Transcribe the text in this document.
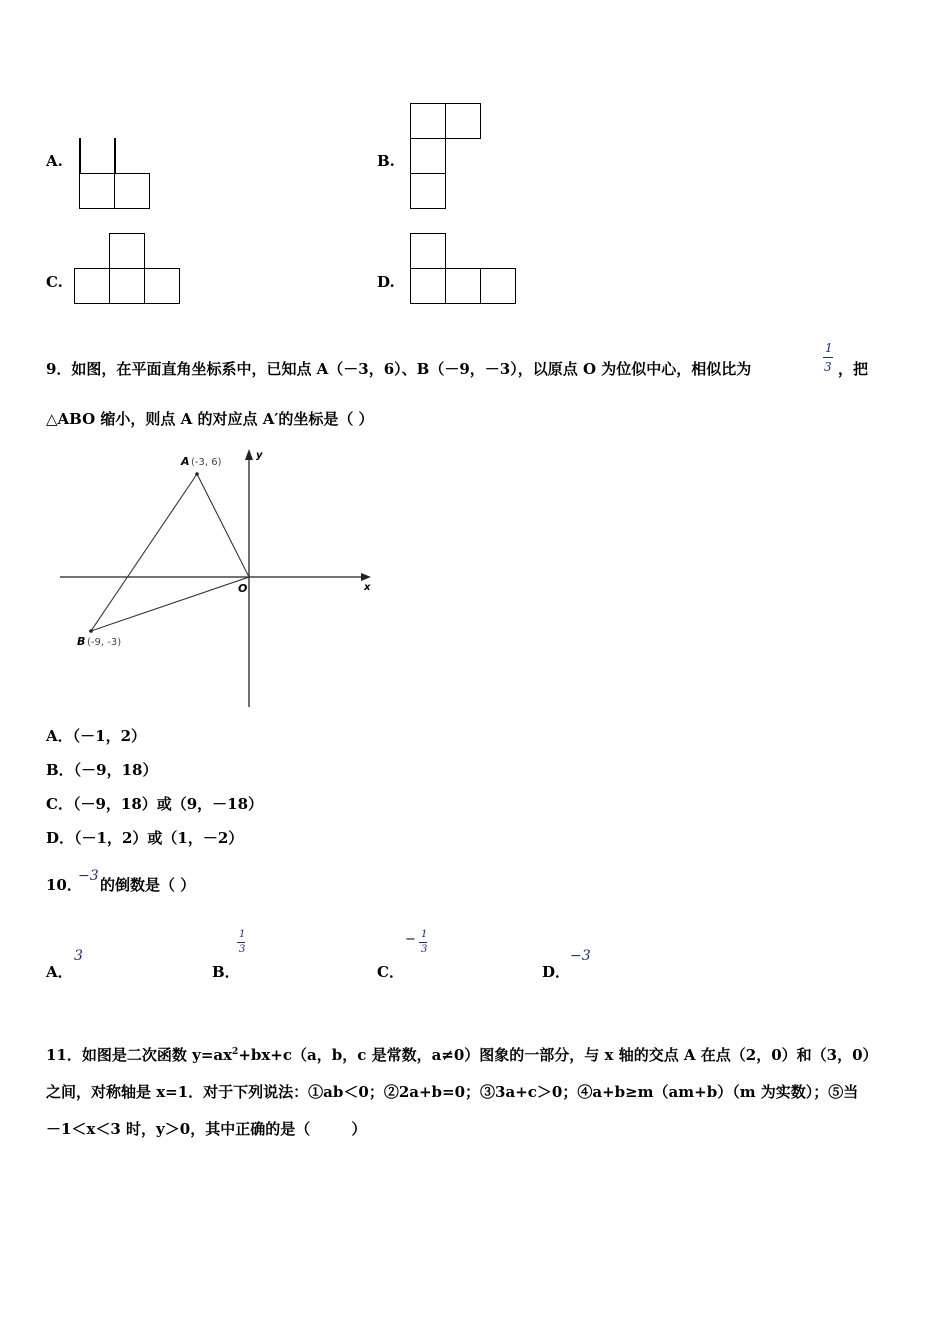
A.	B.
C.	D.
9．如图，在平面直角坐标系中，已知点 A（－3，6）、B（－9，－3），以原点 O 为位似中心，相似比为
1
3 ，把
△ABO 缩小，则点 A 的对应点 A′的坐标是（ ）
A (-3, 6)
B (-9, -3)
O	x
y
A．（－1，2）
B．（－9，18）
C．（－9，18）或（9，－18）
D．（－1，2）或（1，－2）
10．
−3 的倒数是（ ）
A．
3
B．
1
3
C．
− 1
3
D．
−3
11．如图是二次函数 $y=ax^2+bx+c(a$，b，c 是常数，a≠0）图象的一部分，与 x 轴的交点 A 在点（2，0）和（3，0）
之间，对称轴是 x=1．对于下列说法：①ab＜0；②2a+b=0；③3a+c＞0；④a+b≥m（am+b）（m 为实数）；⑤当
－1＜x＜3 时，y＞0，其中正确的是（ ）
